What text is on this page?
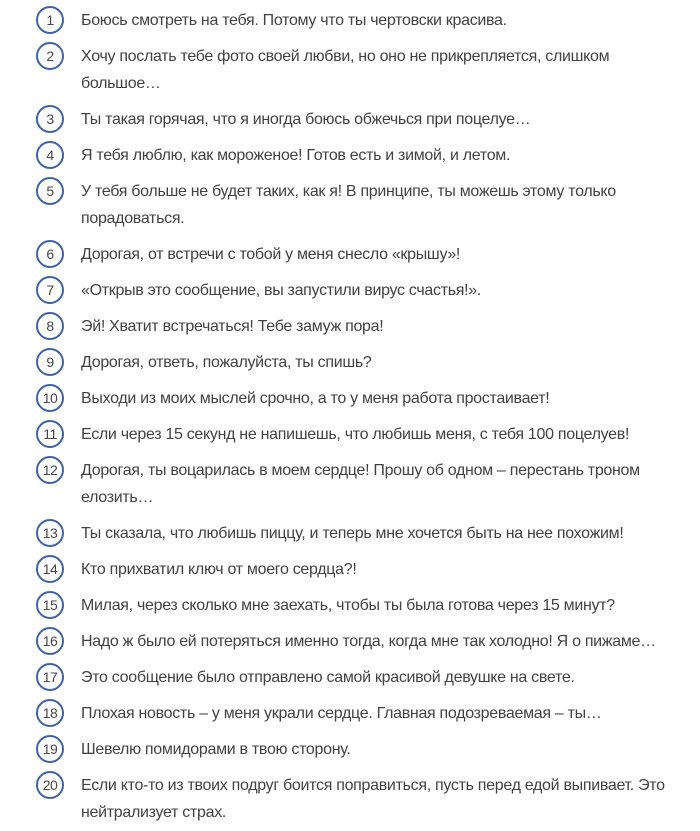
1	Боюсь смотреть на тебя. Потому что ты чертовски красива.

2	Хочу послать тебе фото своей любви, но оно не прикрепляется, слишком большое…

3	Ты такая горячая, что я иногда боюсь обжечься при поцелуе…

4	Я тебя люблю, как мороженое! Готов есть и зимой, и летом.

5	У тебя больше не будет таких, как я! В принципе, ты можешь этому только порадоваться.

6	Дорогая, от встречи с тобой у меня снесло «крышу»!

7	«Открыв это сообщение, вы запустили вирус счастья!».

8	Эй! Хватит встречаться! Тебе замуж пора!

9	Дорогая, ответь, пожалуйста, ты спишь?

10	Выходи из моих мыслей срочно, а то у меня работа простаивает!

11	Если через 15 секунд не напишешь, что любишь меня, с тебя 100 поцелуев!

12	Дорогая, ты воцарилась в моем сердце! Прошу об одном – перестань троном елозить…

13	Ты сказала, что любишь пиццу, и теперь мне хочется быть на нее похожим!

14	Кто прихватил ключ от моего сердца?!

15	Милая, через сколько мне заехать, чтобы ты была готова через 15 минут?

16	Надо ж было ей потеряться именно тогда, когда мне так холодно! Я о пижаме…

17	Это сообщение было отправлено самой красивой девушке на свете.

18	Плохая новость – у меня украли сердце. Главная подозреваемая – ты…

19	Шевелю помидорами в твою сторону.

20	Если кто-то из твоих подруг боится поправиться, пусть перед едой выпивает. Это нейтрализует страх.
